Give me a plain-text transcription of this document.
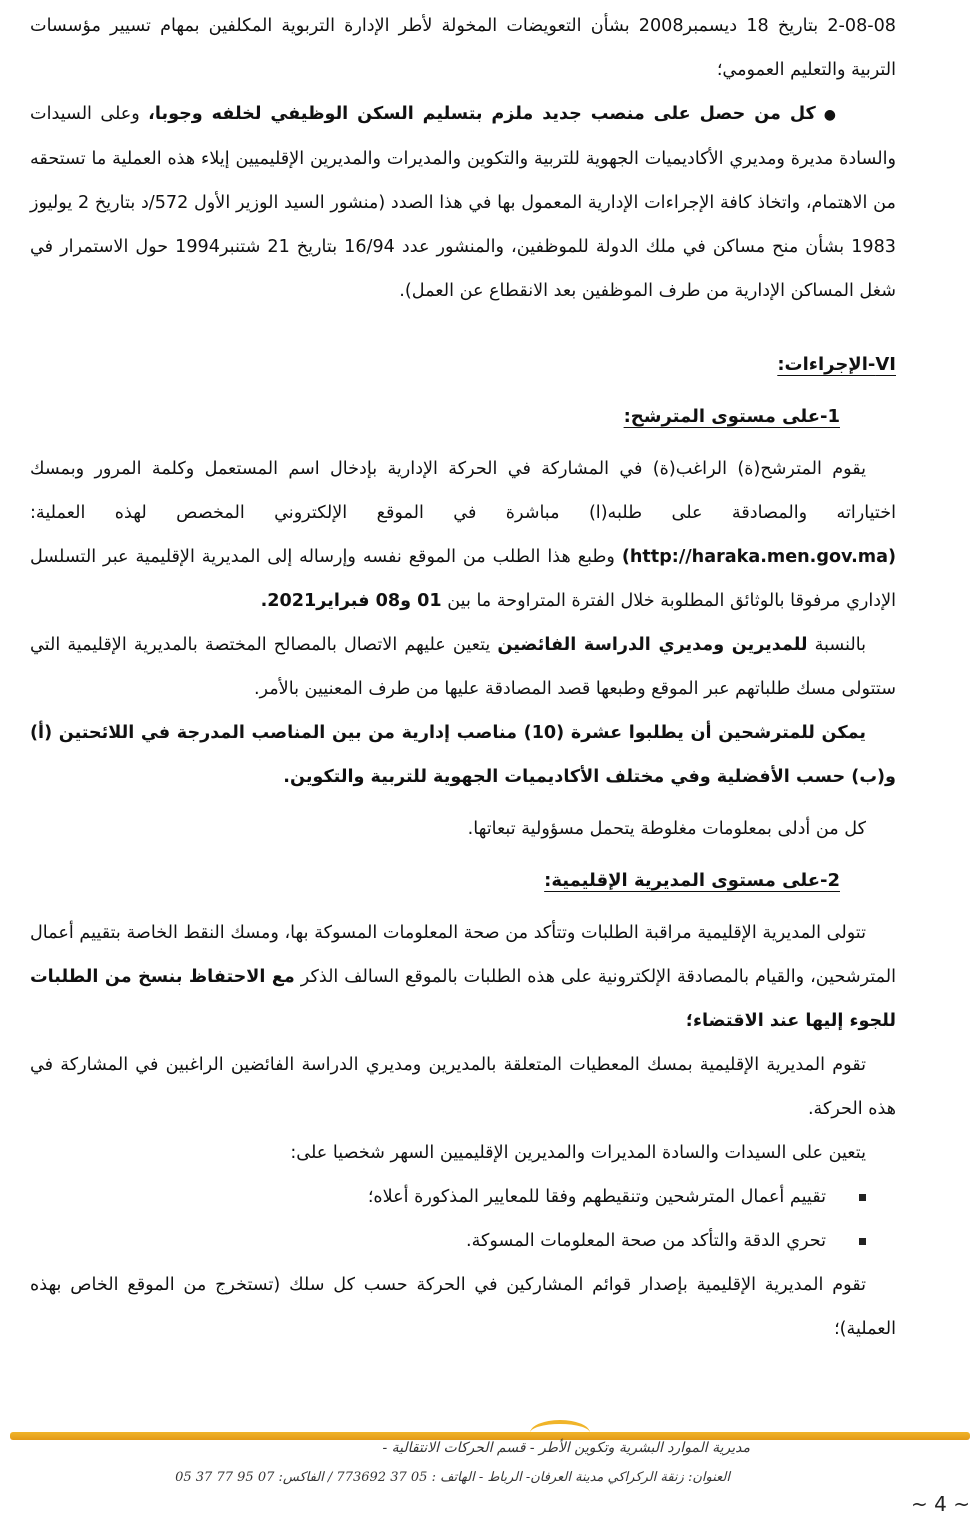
2-08-08 بتاريخ 18 ديسمبر2008 بشأن التعويضات المخولة لأطر الإدارة التربوية المكلفين بمهام تسيير مؤسسات التربية والتعليم العمومي؛

●كل من حصل على منصب جديد ملزم بتسليم السكن الوظيفي لخلفه وجوبا، وعلى السيدات والسادة مديرة ومديري الأكاديميات الجهوية للتربية والتكوين والمديرات والمديرين الإقليميين إيلاء هذه العملية ما تستحقه من الاهتمام، واتخاذ كافة الإجراءات الإدارية المعمول بها في هذا الصدد (منشور السيد الوزير الأول 572/د بتاريخ 2 يوليوز 1983 بشأن منح مساكن في ملك الدولة للموظفين، والمنشور عدد 16/94 بتاريخ 21 شتنبر1994 حول الاستمرار في شغل المساكن الإدارية من طرف الموظفين بعد الانقطاع عن العمل).

VI-الإجراءات:
1-على مستوى المترشح:

يقوم المترشح(ة) الراغب(ة) في المشاركة في الحركة الإدارية بإدخال اسم المستعمل وكلمة المرور وبمسك اختياراته والمصادقة على طلبه(ا) مباشرة في الموقع الإلكتروني المخصص لهذه العملية: (http://haraka.men.gov.ma) وطبع هذا الطلب من الموقع نفسه وإرساله إلى المديرية الإقليمية عبر التسلسل الإداري مرفوقا بالوثائق المطلوبة خلال الفترة المتراوحة ما بين 01 و08 فبراير2021.

بالنسبة للمديرين ومديري الدراسة الفائضين يتعين عليهم الاتصال بالمصالح المختصة بالمديرية الإقليمية التي ستتولى مسك طلباتهم عبر الموقع وطبعها قصد المصادقة عليها من طرف المعنيين بالأمر.

يمكن للمترشحين أن يطلبوا عشرة (10) مناصب إدارية من بين المناصب المدرجة في اللائحتين (أ) و(ب) حسب الأفضلية وفي مختلف الأكاديميات الجهوية للتربية والتكوين.

كل من أدلى بمعلومات مغلوطة يتحمل مسؤولية تبعاتها.

2-على مستوى المديرية الإقليمية:

تتولى المديرية الإقليمية مراقبة الطلبات وتتأكد من صحة المعلومات المسوكة بها، ومسك النقط الخاصة بتقييم أعمال المترشحين، والقيام بالمصادقة الإلكترونية على هذه الطلبات بالموقع السالف الذكر مع الاحتفاظ بنسخ من الطلبات للجوء إليها عند الاقتضاء؛

تقوم المديرية الإقليمية بمسك المعطيات المتعلقة بالمديرين ومديري الدراسة الفائضين الراغبين في المشاركة في هذه الحركة.

يتعين على السيدات والسادة المديرات والمديرين الإقليميين السهر شخصيا على:

تقييم أعمال المترشحين وتنقيطهم وفقا للمعايير المذكورة أعلاه؛
تحري الدقة والتأكد من صحة المعلومات المسوكة.

تقوم المديرية الإقليمية بإصدار قوائم المشاركين في الحركة حسب كل سلك (تستخرج من الموقع الخاص بهذه العملية)؛

مديرية الموارد البشرية وتكوين الأطر - قسم الحركات الانتقالية -
العنوان: زنقة الركراكي مدينة العرفان- الرباط - الهاتف : 05 37 773692 / الفاكس: 07 95 77 37 05
~ 4 ~
